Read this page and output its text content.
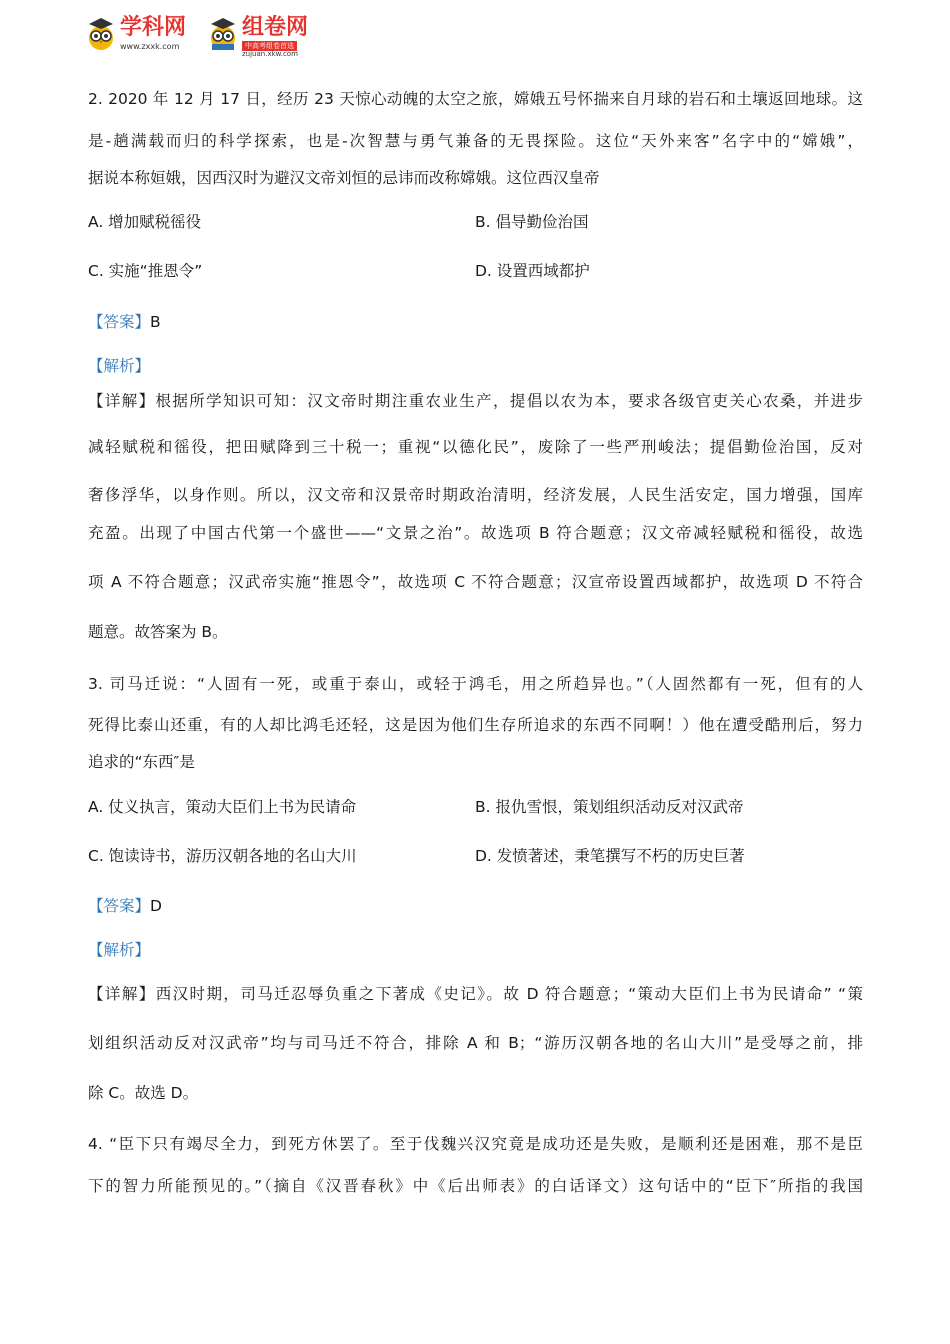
学科网
www.zxxk.com
组卷网
中高考组卷首选
zujuan.xkw.com
2. 2020 年 12 月 17 日，经历 23 天惊心动魄的太空之旅，嫦娥五号怀揣来自月球的岩石和土壤返回地球。这
是-趟满载而归的科学探索，也是-次智慧与勇气兼备的无畏探险。这位“天外来客”名字中的“嫦娥”，
据说本称姮娥，因西汉时为避汉文帝刘恒的忌讳而改称嫦娥。这位西汉皇帝
A. 增加赋税徭役	B. 倡导勤俭治国
C. 实施“推恩令”	D. 设置西域都护
【答案】B
【解析】
【详解】根据所学知识可知：汉文帝时期注重农业生产，提倡以农为本，要求各级官吏关心农桑，并进步
减轻赋税和徭役，把田赋降到三十税一；重视“以德化民”，废除了一些严刑峻法；提倡勤俭治国，反对
奢侈浮华，以身作则。所以，汉文帝和汉景帝时期政治清明，经济发展，人民生活安定，国力增强，国库
充盈。出现了中国古代第一个盛世——“文景之治”。故选项 B 符合题意；汉文帝减轻赋税和徭役，故选
项 A 不符合题意；汉武帝实施“推恩令”，故选项 C 不符合题意；汉宣帝设置西域都护，故选项 D 不符合
题意。故答案为 B。
3. 司马迁说：“人固有一死，或重于泰山，或轻于鸿毛，用之所趋异也。”（人固然都有一死，但有的人
死得比泰山还重，有的人却比鸿毛还轻，这是因为他们生存所追求的东西不同啊！）他在遭受酷刑后，努力
追求的“东西″是
A. 仗义执言，策动大臣们上书为民请命	B. 报仇雪恨，策划组织活动反对汉武帝
C. 饱读诗书，游历汉朝各地的名山大川	D. 发愤著述，秉笔撰写不朽的历史巨著
【答案】D
【解析】
【详解】西汉时期，司马迁忍辱负重之下著成《史记》。故 D 符合题意；“策动大臣们上书为民请命” “策
划组织活动反对汉武帝”均与司马迁不符合，排除 A 和 B；“游历汉朝各地的名山大川”是受辱之前，排
除 C。故选 D。
4. “臣下只有竭尽全力，到死方休罢了。至于伐魏兴汉究竟是成功还是失败，是顺利还是困难，那不是臣
下的智力所能预见的。”（摘自《汉晋春秋》中《后出师表》的白话译文）这句话中的“臣下″所指的我国
